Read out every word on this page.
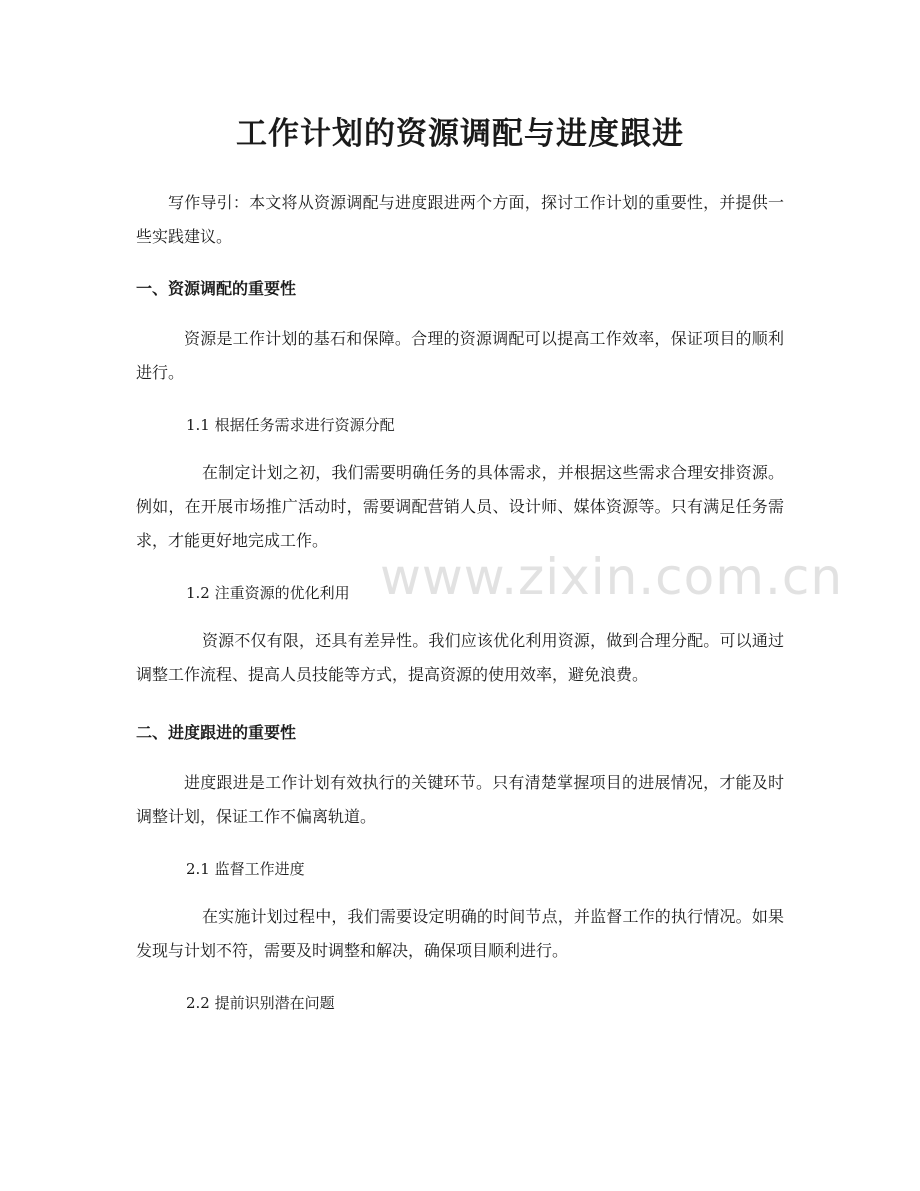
工作计划的资源调配与进度跟进

写作导引：本文将从资源调配与进度跟进两个方面，探讨工作计划的重要性，并提供一些实践建议。

一、资源调配的重要性

资源是工作计划的基石和保障。合理的资源调配可以提高工作效率，保证项目的顺利进行。

1.1 根据任务需求进行资源分配

在制定计划之初，我们需要明确任务的具体需求，并根据这些需求合理安排资源。例如，在开展市场推广活动时，需要调配营销人员、设计师、媒体资源等。只有满足任务需求，才能更好地完成工作。

www.zixin.com.cn

1.2 注重资源的优化利用

资源不仅有限，还具有差异性。我们应该优化利用资源，做到合理分配。可以通过调整工作流程、提高人员技能等方式，提高资源的使用效率，避免浪费。

二、进度跟进的重要性

进度跟进是工作计划有效执行的关键环节。只有清楚掌握项目的进展情况，才能及时调整计划，保证工作不偏离轨道。

2.1 监督工作进度

在实施计划过程中，我们需要设定明确的时间节点，并监督工作的执行情况。如果发现与计划不符，需要及时调整和解决，确保项目顺利进行。

2.2 提前识别潜在问题
